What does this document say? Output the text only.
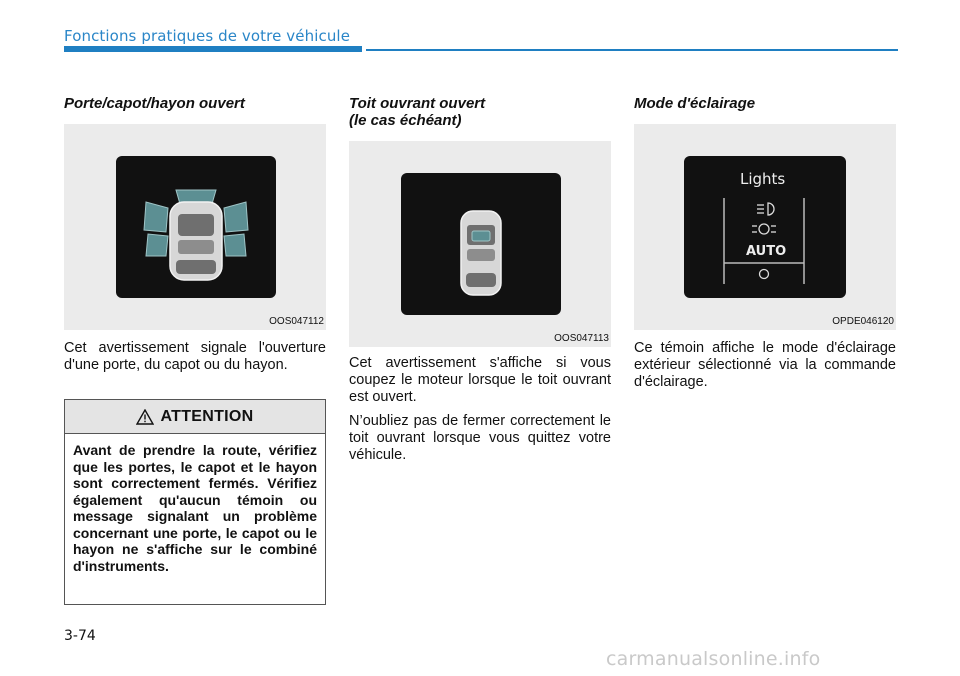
Fonctions pratiques de votre véhicule
Porte/capot/hayon ouvert
OOS047112

Cet avertissement signale l'ouverture d'une porte, du capot ou du hayon.

ATTENTION
Avant de prendre la route, vérifiez que les portes, le capot et le hayon sont correctement fermés. Vérifiez également qu'aucun témoin ou message signalant un problème concernant une porte, le capot ou le hayon ne s'affiche sur le combiné d'instruments.
Toit ouvrant ouvert
(le cas échéant)
OOS047113

Cet avertissement s'affiche si vous coupez le moteur lorsque le toit ouvrant est ouvert.

N’oubliez pas de fermer correctement le toit ouvrant lorsque vous quittez votre véhicule.

Mode d'éclairage
Lights
AUTO
OPDE046120

Ce témoin affiche le mode d'éclairage extérieur sélectionné via la commande d'éclairage.

3-74
carmanualsonline.info
